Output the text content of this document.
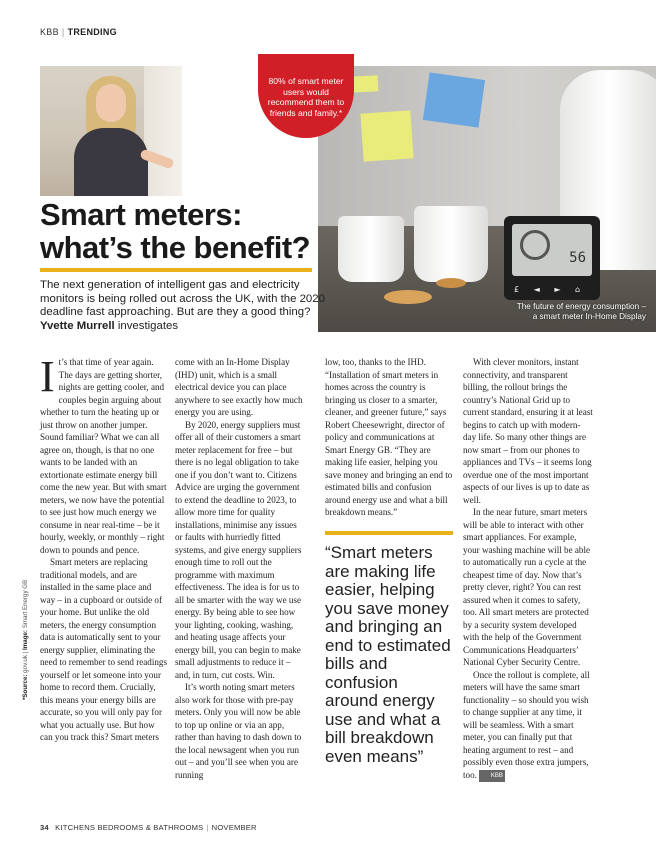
KBB | TRENDING
80% of smart meter users would recommend them to friends and family.*
56
£ ◄ ► ⌂
The future of energy consumption –
a smart meter In-Home Display
Smart meters:
what’s the benefit?
The next generation of intelligent gas and electricity monitors is being rolled out across the UK, with the 2020 deadline fast approaching. But are they a good thing? Yvette Murrell investigates

It’s that time of year again. The days are getting shorter, nights are getting cooler, and couples begin arguing about whether to turn the heating up or just throw on another jumper. Sound familiar? What we can all agree on, though, is that no one wants to be landed with an extortionate estimate energy bill come the new year. But with smart meters, we now have the potential to see just how much energy we consume in near real-time – be it hourly, weekly, or monthly – right down to pounds and pence.

Smart meters are replacing traditional models, and are installed in the same place and way – in a cupboard or outside of your home. But unlike the old meters, the energy consumption data is automatically sent to your energy supplier, eliminating the need to remember to send readings yourself or let someone into your home to record them. Crucially, this means your energy bills are accurate, so you will only pay for what you actually use. But how can you track this? Smart meters

come with an In-Home Display (IHD) unit, which is a small electrical device you can place anywhere to see exactly how much energy you are using.

By 2020, energy suppliers must offer all of their customers a smart meter replacement for free – but there is no legal obligation to take one if you don’t want to. Citizens Advice are urging the government to extend the deadline to 2023, to allow more time for quality installations, minimise any issues or faults with hurriedly fitted systems, and give energy suppliers enough time to roll out the programme with maximum effectiveness. The idea is for us to all be smarter with the way we use energy. By being able to see how your lighting, cooking, washing, and heating usage affects your energy bill, you can begin to make small adjustments to reduce it – and, in turn, cut costs. Win.

It’s worth noting smart meters also work for those with pre-pay meters. Only you will now be able to top up online or via an app, rather than having to dash down to the local newsagent when you run out – and you’ll see when you are running

low, too, thanks to the IHD. “Installation of smart meters in homes across the country is bringing us closer to a smarter, cleaner, and greener future,” says Robert Cheesewright, director of policy and communications at Smart Energy GB. “They are making life easier, helping you save money and bringing an end to estimated bills and confusion around energy use and what a bill breakdown means.”

“Smart meters are making life easier, helping you save money and bringing an end to estimated bills and confusion around energy use and what a bill breakdown even means”

With clever monitors, instant connectivity, and transparent billing, the rollout brings the country’s National Grid up to current standard, ensuring it at least begins to catch up with modern-day life. So many other things are now smart – from our phones to appliances and TVs – it seems long overdue one of the most important aspects of our lives is up to date as well.

In the near future, smart meters will be able to interact with other smart appliances. For example, your washing machine will be able to automatically run a cycle at the cheapest time of day. Now that’s pretty clever, right? You can rest assured when it comes to safety, too. All smart meters are protected by a security system developed with the help of the Government Communications Headquarters’ National Cyber Security Centre.

Once the rollout is complete, all meters will have the same smart functionality – so should you wish to change supplier at any time, it will be seamless. With a smart meter, you can finally put that heating argument to rest – and possibly even those extra jumpers, too. KBB

*Source: gov.uk | Image: Smart Energy GB
34 KITCHENS BEDROOMS & BATHROOMS | NOVEMBER
